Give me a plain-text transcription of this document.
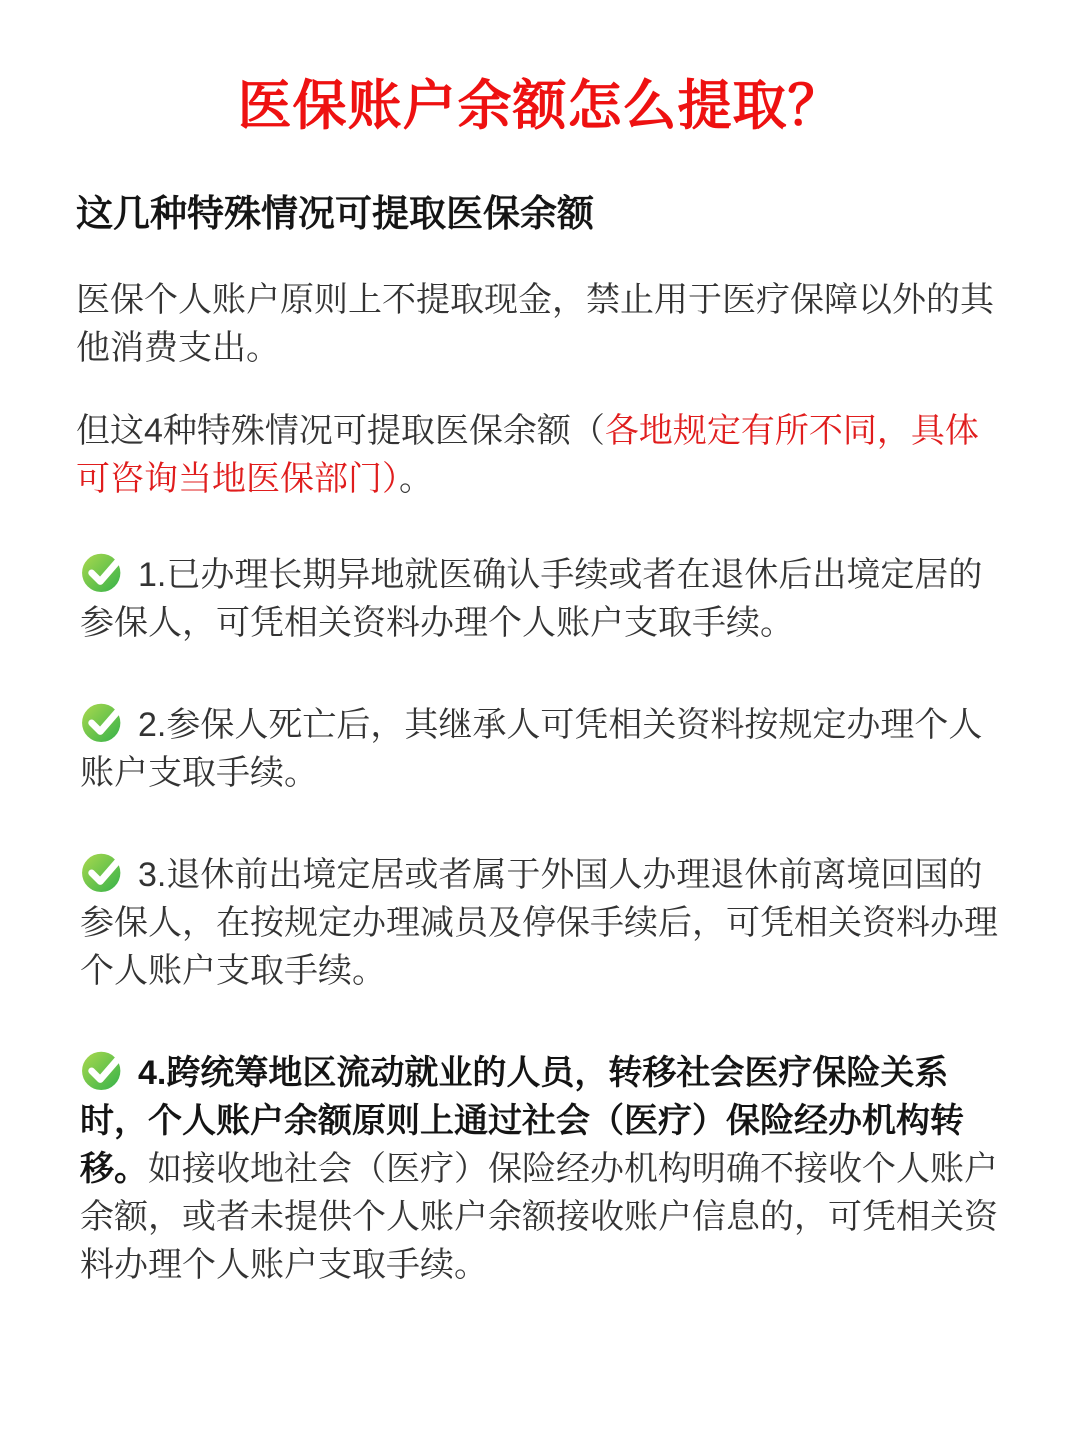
医保账户余额怎么提取？
这几种特殊情况可提取医保余额

医保个人账户原则上不提取现金，禁止用于医疗保障以外的其他消费支出。

但这4种特殊情况可提取医保余额（各地规定有所不同，具体可咨询当地医保部门）。

1.已办理长期异地就医确认手续或者在退休后出境定居的参保人，可凭相关资料办理个人账户支取手续。
2.参保人死亡后，其继承人可凭相关资料按规定办理个人账户支取手续。
3.退休前出境定居或者属于外国人办理退休前离境回国的参保人，在按规定办理减员及停保手续后，可凭相关资料办理个人账户支取手续。
4.跨统筹地区流动就业的人员，转移社会医疗保险关系时，个人账户余额原则上通过社会（医疗）保险经办机构转移。如接收地社会（医疗）保险经办机构明确不接收个人账户余额，或者未提供个人账户余额接收账户信息的，可凭相关资料办理个人账户支取手续。
